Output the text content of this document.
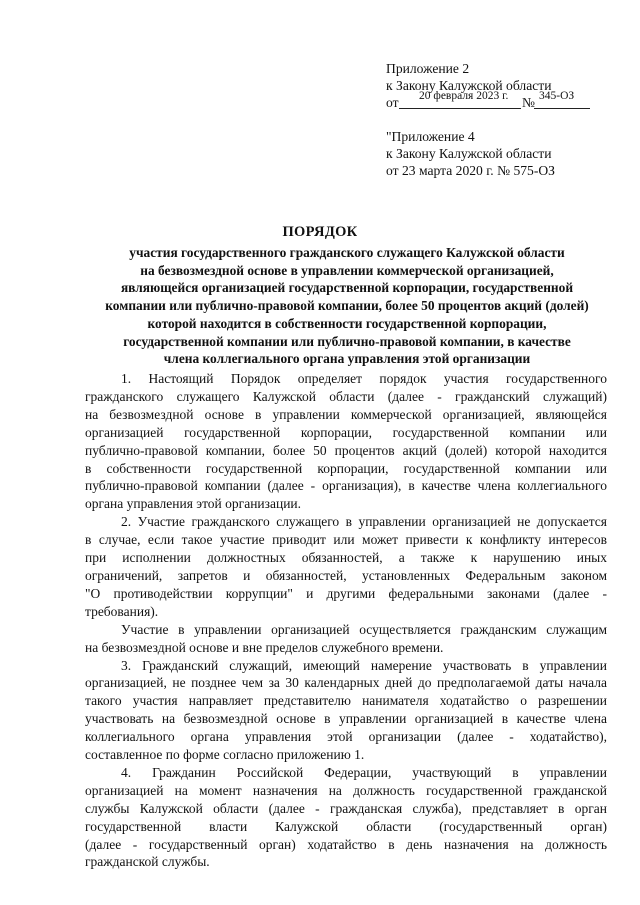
Приложение 2
к Закону Калужской области
от 20 февраля 2023 г. № 345-ОЗ
"Приложение 4
к Закону Калужской области
от 23 марта 2020 г. № 575-ОЗ
ПОРЯДОК
участия государственного гражданского служащего Калужской области
на безвозмездной основе в управлении коммерческой организацией,
являющейся организацией государственной корпорации, государственной
компании или публично-правовой компании, более 50 процентов акций (долей)
которой находится в собственности государственной корпорации,
государственной компании или публично-правовой компании, в качестве
члена коллегиального органа управления этой организации
1. Настоящий Порядок определяет порядок участия государственного
гражданского служащего Калужской области (далее - гражданский служащий)
на безвозмездной основе в управлении коммерческой организацией, являющейся
организацией государственной корпорации, государственной компании или
публично-правовой компании, более 50 процентов акций (долей) которой находится
в собственности государственной корпорации, государственной компании или
публично-правовой компании (далее - организация), в качестве члена коллегиального
органа управления этой организации.
2. Участие гражданского служащего в управлении организацией не допускается
в случае, если такое участие приводит или может привести к конфликту интересов
при исполнении должностных обязанностей, а также к нарушению иных
ограничений, запретов и обязанностей, установленных Федеральным законом
"О противодействии коррупции" и другими федеральными законами (далее -
требования).
Участие в управлении организацией осуществляется гражданским служащим
на безвозмездной основе и вне пределов служебного времени.
3. Гражданский служащий, имеющий намерение участвовать в управлении
организацией, не позднее чем за 30 календарных дней до предполагаемой даты начала
такого участия направляет представителю нанимателя ходатайство о разрешении
участвовать на безвозмездной основе в управлении организацией в качестве члена
коллегиального органа управления этой организации (далее - ходатайство),
составленное по форме согласно приложению 1.
4. Гражданин Российской Федерации, участвующий в управлении
организацией на момент назначения на должность государственной гражданской
службы Калужской области (далее - гражданская служба), представляет в орган
государственной власти Калужской области (государственный орган)
(далее - государственный орган) ходатайство в день назначения на должность
гражданской службы.
